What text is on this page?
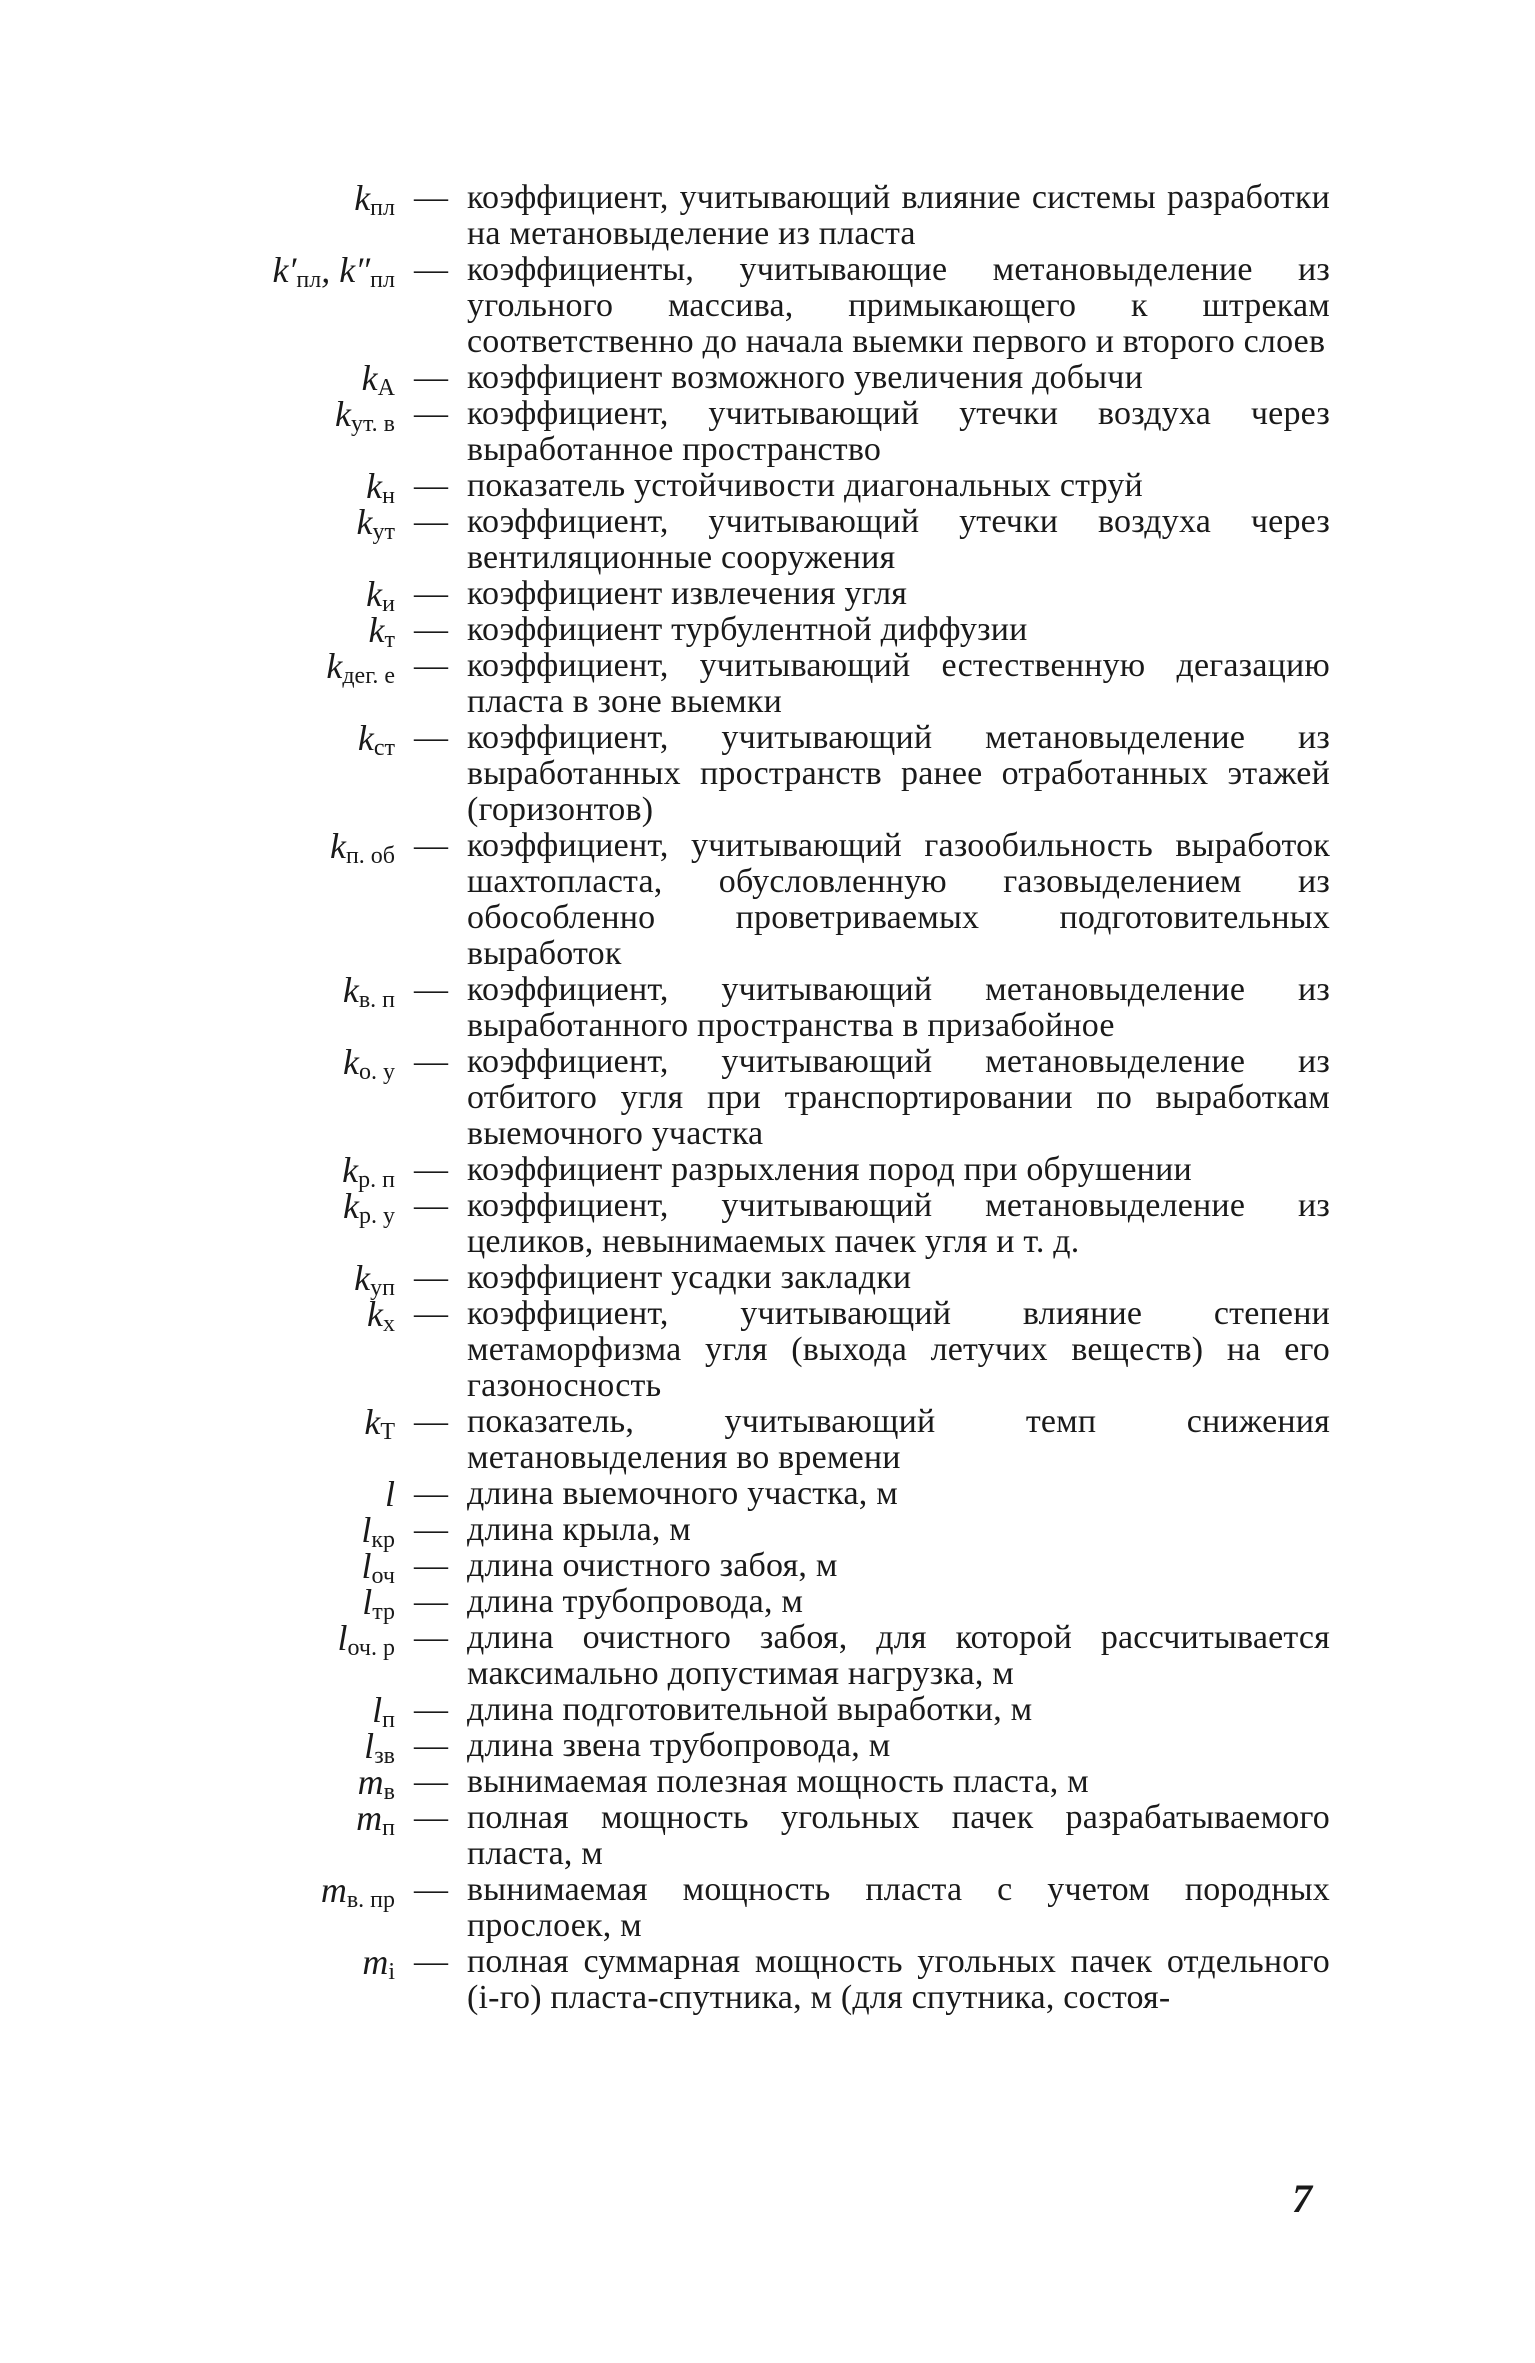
$k_{пл}$ — коэффициент, учитывающий влияние системы разработки на метановыделение из пласта
$k'_{пл}$, $k''_{пл}$ — коэффициенты, учитывающие метановыделение из угольного массива, примыкающего к штрекам соответственно до начала выемки первого и второго слоев
$k_A$ — коэффициент возможного увеличения добычи
$k_{ут. в}$ — коэффициент, учитывающий утечки воздуха через выработанное пространство
$k_н$ — показатель устойчивости диагональных струй
$k_{ут}$ — коэффициент, учитывающий утечки воздуха через вентиляционные сооружения
$k_и$ — коэффициент извлечения угля
$k_т$ — коэффициент турбулентной диффузии
$k_{дег. е}$ — коэффициент, учитывающий естественную дегазацию пласта в зоне выемки
$k_{ст}$ — коэффициент, учитывающий метановыделение из выработанных пространств ранее отработанных этажей (горизонтов)
$k_{п. об}$ — коэффициент, учитывающий газообильность выработок шахтопласта, обусловленную газовыделением из обособленно проветриваемых подготовительных выработок
$k_{в. п}$ — коэффициент, учитывающий метановыделение из выработанного пространства в призабойное
$k_{о. у}$ — коэффициент, учитывающий метановыделение из отбитого угля при транспортировании по выработкам выемочного участка
$k_{р. п}$ — коэффициент разрыхления пород при обрушении
$k_{р. у}$ — коэффициент, учитывающий метановыделение из целиков, невынимаемых пачек угля и т. д.
$k_{уп}$ — коэффициент усадки закладки
$k_x$ — коэффициент, учитывающий влияние степени метаморфизма угля (выхода летучих веществ) на его газоносность
$k_T$ — показатель, учитывающий темп снижения метановыделения во времени
l — длина выемочного участка, м
$l_{кр}$ — длина крыла, м
$l_{оч}$ — длина очистного забоя, м
$l_{тр}$ — длина трубопровода, м
$l_{оч. р}$ — длина очистного забоя, для которой рассчитывается максимально допустимая нагрузка, м
$l_п$ — длина подготовительной выработки, м
$l_{зв}$ — длина звена трубопровода, м
$m_в$ — вынимаемая полезная мощность пласта, м
$m_п$ — полная мощность угольных пачек разрабатываемого пласта, м
$m_{в. пр}$ — вынимаемая мощность пласта с учетом породных прослоек, м
$m_i$ — полная суммарная мощность угольных пачек отдельного (i-го) пласта-спутника, м (для спутника, состоя-
7
